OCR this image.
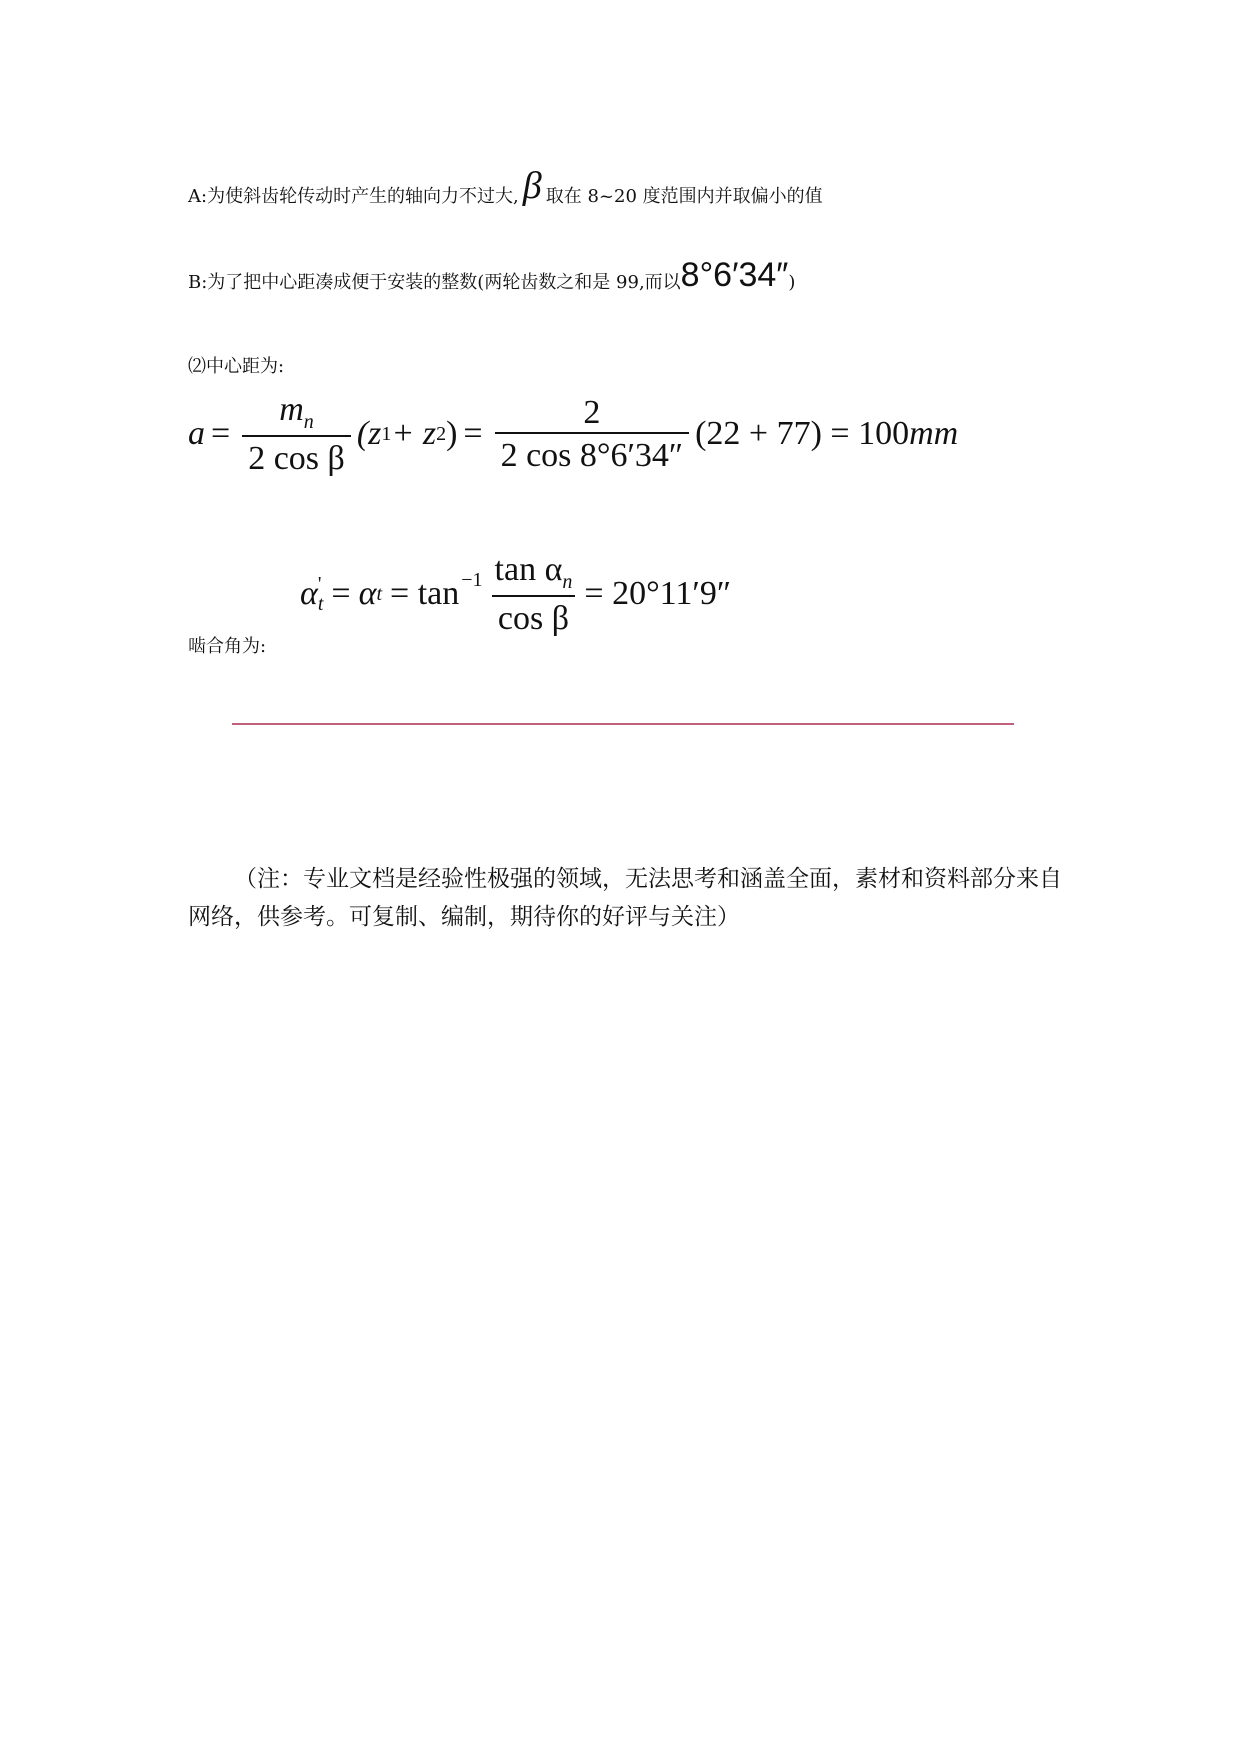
A:为使斜齿轮传动时产生的轴向力不过大, β 取在 8~20 度范围内并取偏小的值
B:为了把中心距凑成便于安装的整数(两轮齿数之和是 99,而以8°6′34″)
⑵中心距为:
$a = \frac{m_n}{\text{2 cos β}} (z$ 1 + z 2 ) = $\frac{2}{2 \cos 8^\circ 6'34''} (22 + 77) = 100$ mm
α '
t = α $t = \tan^{-1} \frac{\tan \alpha_n}{\text{cos β}} = 20^\circ 11'9''$
啮合角为:
（注：专业文档是经验性极强的领域，无法思考和涵盖全面，素材和资料部分来自网络，供参考。可复制、编制，期待你的好评与关注）
